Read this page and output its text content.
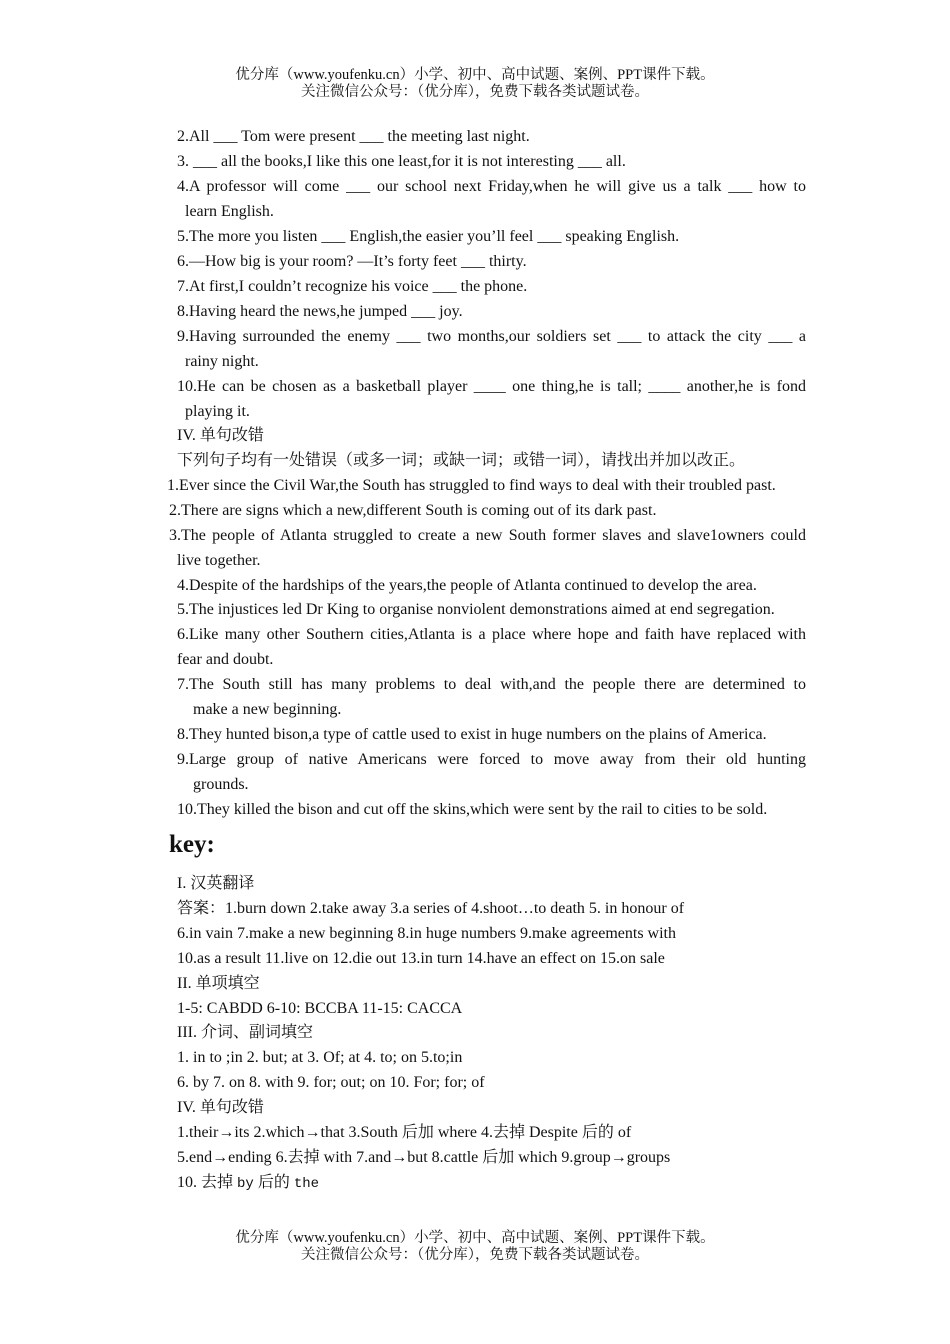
优分库（www.youfenku.cn）小学、初中、高中试题、案例、PPT课件下载。
关注微信公众号：（优分库），免费下载各类试题试卷。
2.All ___ Tom were present ___ the meeting last night.
3. ___ all the books,I like this one least,for it is not interesting ___ all.
4.A professor will come ___ our school next Friday,when he will give us a talk ___ how to
learn English.
5.The more you listen ___ English,the easier you’ll feel ___ speaking English.
6.—How big is your room? —It’s forty feet ___ thirty.
7.At first,I couldn’t recognize his voice ___ the phone.
8.Having heard the news,he jumped ___ joy.
9.Having surrounded the enemy ___ two months,our soldiers set ___ to attack the city ___ a
rainy night.
10.He can be chosen as a basketball player ____ one thing,he is tall; ____ another,he is fond
playing it.
IV. 单句改错
下列句子均有一处错误（或多一词；或缺一词；或错一词），请找出并加以改正。
1.Ever since the Civil War,the South has struggled to find ways to deal with their troubled past.
2.There are signs which a new,different South is coming out of its dark past.
3.The people of Atlanta struggled to create a new South former slaves and slave1owners could
live together.
4.Despite of the hardships of the years,the people of Atlanta continued to develop the area.
5.The injustices led Dr King to organise nonviolent demonstrations aimed at end segregation.
6.Like many other Southern cities,Atlanta is a place where hope and faith have replaced with
fear and doubt.
7.The South still has many problems to deal with,and the people there are determined to
make a new beginning.
8.They hunted bison,a type of cattle used to exist in huge numbers on the plains of America.
9.Large group of native Americans were forced to move away from their old hunting
grounds.
10.They killed the bison and cut off the skins,which were sent by the rail to cities to be sold.
key:
I. 汉英翻译
答案：1.burn down 2.take away 3.a series of 4.shoot…to death 5. in honour of
6.in vain 7.make a new beginning 8.in huge numbers 9.make agreements with
10.as a result 11.live on 12.die out 13.in turn 14.have an effect on 15.on sale
II. 单项填空
1-5: CABDD 6-10: BCCBA 11-15: CACCA
III. 介词、副词填空
1. in to ;in 2. but; at 3. Of; at 4. to; on 5.to;in
6. by 7. on 8. with 9. for; out; on 10. For; for; of
IV. 单句改错
1.their→its 2.which→that 3.South 后加 where 4.去掉 Despite 后的 of
5.end→ending 6.去掉 with 7.and→but 8.cattle 后加 which 9.group→groups
10. 去掉 by 后的 the
优分库（www.youfenku.cn）小学、初中、高中试题、案例、PPT课件下载。
关注微信公众号：（优分库），免费下载各类试题试卷。
